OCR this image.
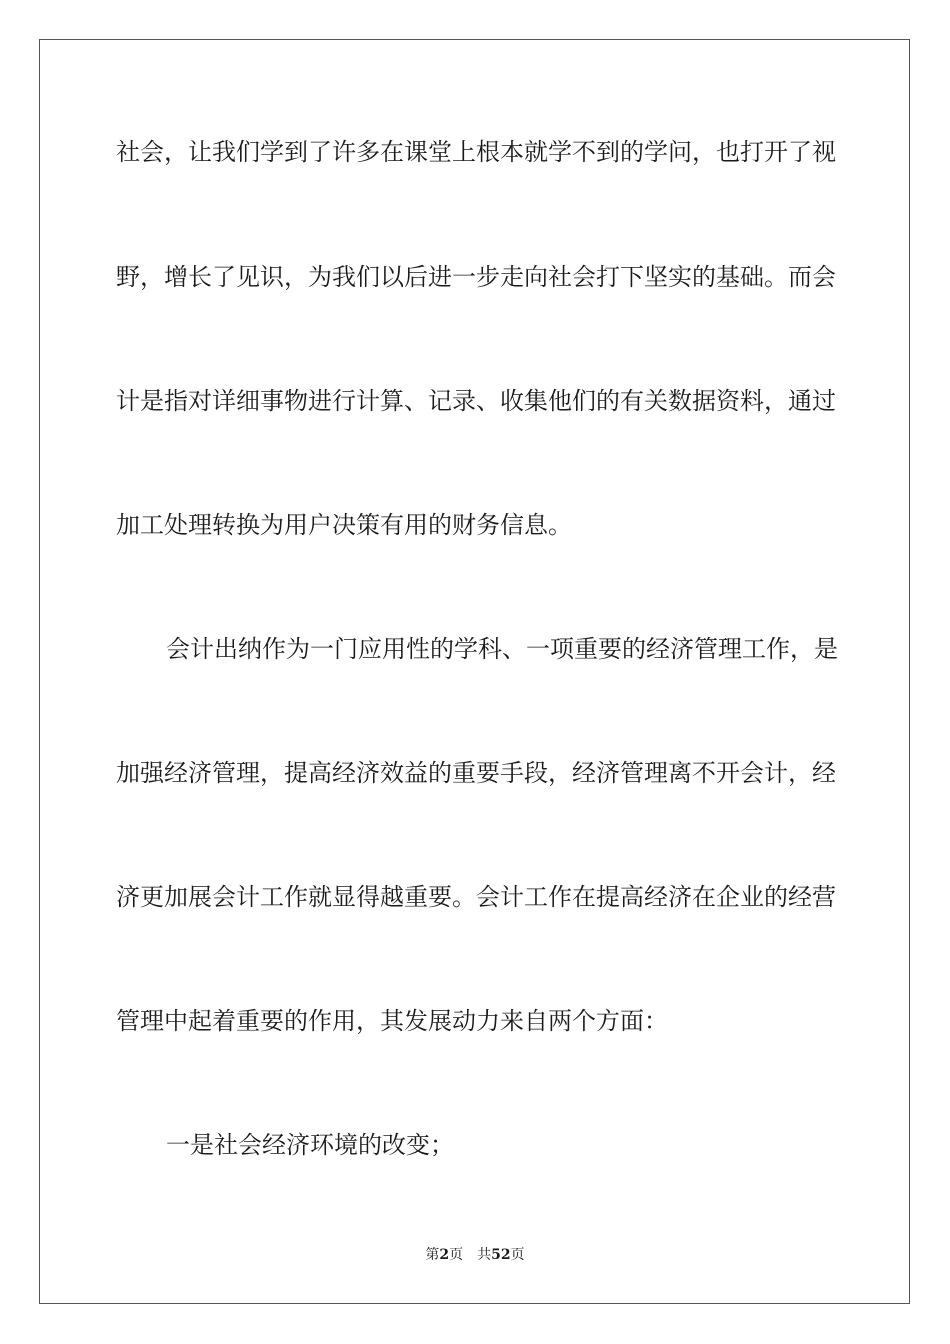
社会，让我们学到了许多在课堂上根本就学不到的学问，也打开了视
野，增长了见识，为我们以后进一步走向社会打下坚实的基础。而会
计是指对详细事物进行计算、记录、收集他们的有关数据资料，通过
加工处理转换为用户决策有用的财务信息。
会计出纳作为一门应用性的学科、一项重要的经济管理工作，是
加强经济管理，提高经济效益的重要手段，经济管理离不开会计，经
济更加展会计工作就显得越重要。会计工作在提高经济在企业的经营
管理中起着重要的作用，其发展动力来自两个方面：
一是社会经济环境的改变；
第2页 共52页
